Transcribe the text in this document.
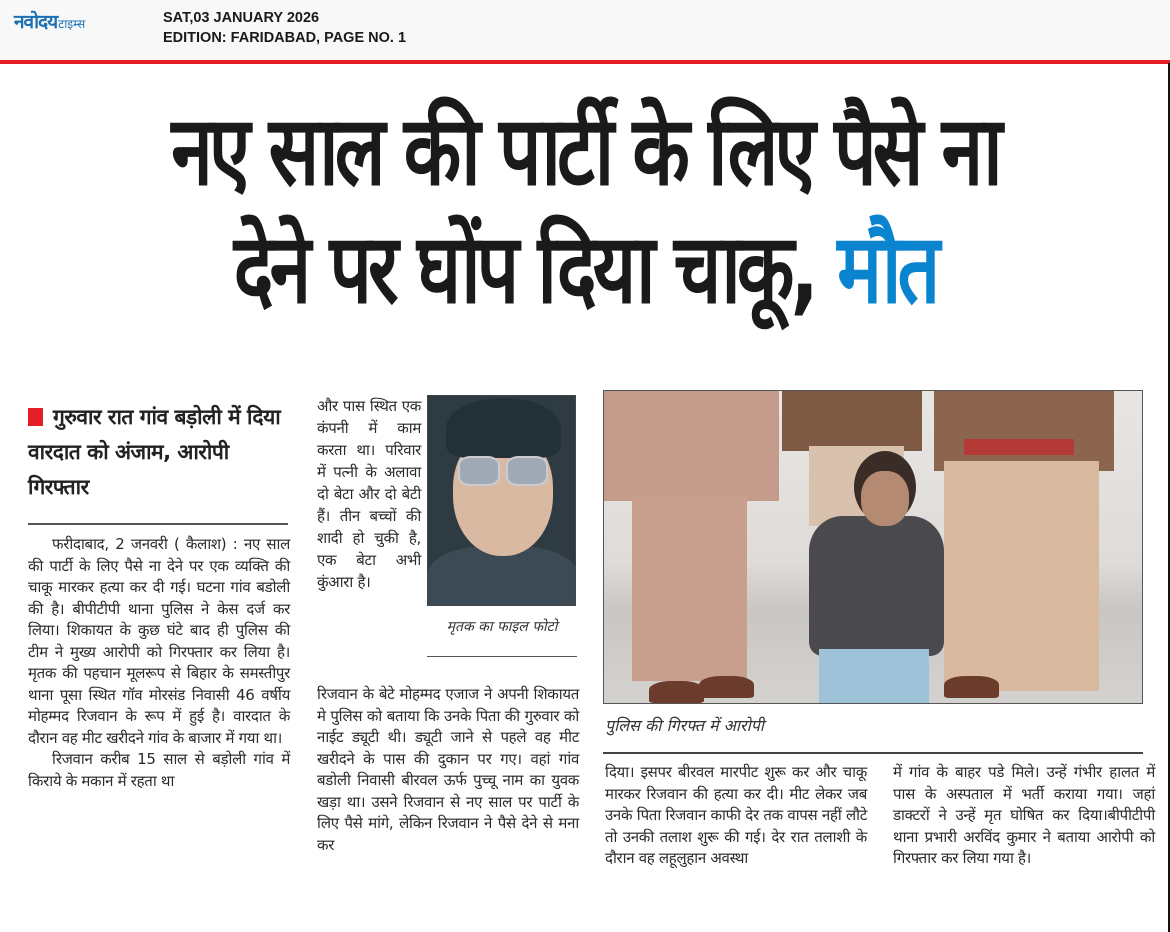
नवोदय टाइम्स	SAT,03 JANUARY 2026
EDITION: FARIDABAD, PAGE NO. 1
नए साल की पार्टी के लिए पैसे ना
देने पर घोंप दिया चाकू, मौत
गुरुवार रात गांव बड़ोली में दिया वारदात को अंजाम, आरोपी गिरफ्तार

फरीदाबाद, 2 जनवरी ( कैलाश) : नए साल की पार्टी के लिए पैसे ना देने पर एक व्यक्ति की चाकू मारकर हत्या कर दी गई। घटना गांव बडोली की है। बीपीटीपी थाना पुलिस ने केस दर्ज कर लिया। शिकायत के कुछ घंटे बाद ही पुलिस की टीम ने मुख्य आरोपी को गिरफ्तार कर लिया है। मृतक की पहचान मूलरूप से बिहार के समस्तीपुर थाना पूसा स्थित गॉव मोरसंड निवासी 46 वर्षीय मोहम्मद रिजवान के रूप में हुई है। वारदात के दौरान वह मीट खरीदने गांव के बाजार में गया था।

रिजवान करीब 15 साल से बड़ोली गांव में किराये के मकान में रहता था

और पास स्थित एक कंपनी में काम करता था। परिवार में पत्नी के अलावा दो बेटा और दो बेटी हैं। तीन बच्चों की शादी हो चुकी है, एक बेटा अभी कुंआरा है।

मृतक का फाइल फोटो

रिजवान के बेटे मोहम्मद एजाज ने अपनी शिकायत मे पुलिस को बताया कि उनके पिता की गुरुवार को नाईट ड्यूटी थी। ड्यूटी जाने से पहले वह मीट खरीदने के पास की दुकान पर गए। वहां गांव बडोली निवासी बीरवल ऊर्फ पुच्चू नाम का युवक खड़ा था। उसने रिजवान से नए साल पर पार्टी के लिए पैसे मांगे, लेकिन रिजवान ने पैसे देने से मना कर

पुलिस की गिरफ्त में आरोपी

दिया। इसपर बीरवल मारपीट शुरू कर और चाकू मारकर रिजवान की हत्या कर दी। मीट लेकर जब उनके पिता रिजवान काफी देर तक वापस नहीं लौटे तो उनकी तलाश शुरू की गई। देर रात तलाशी के दौरान वह लहूलुहान अवस्था

में गांव के बाहर पडे मिले। उन्हें गंभीर हालत में पास के अस्पताल में भर्ती कराया गया। जहां डाक्टरों ने उन्हें मृत घोषित कर दिया।बीपीटीपी थाना प्रभारी अरविंद कुमार ने बताया आरोपी को गिरफ्तार कर लिया गया है।
